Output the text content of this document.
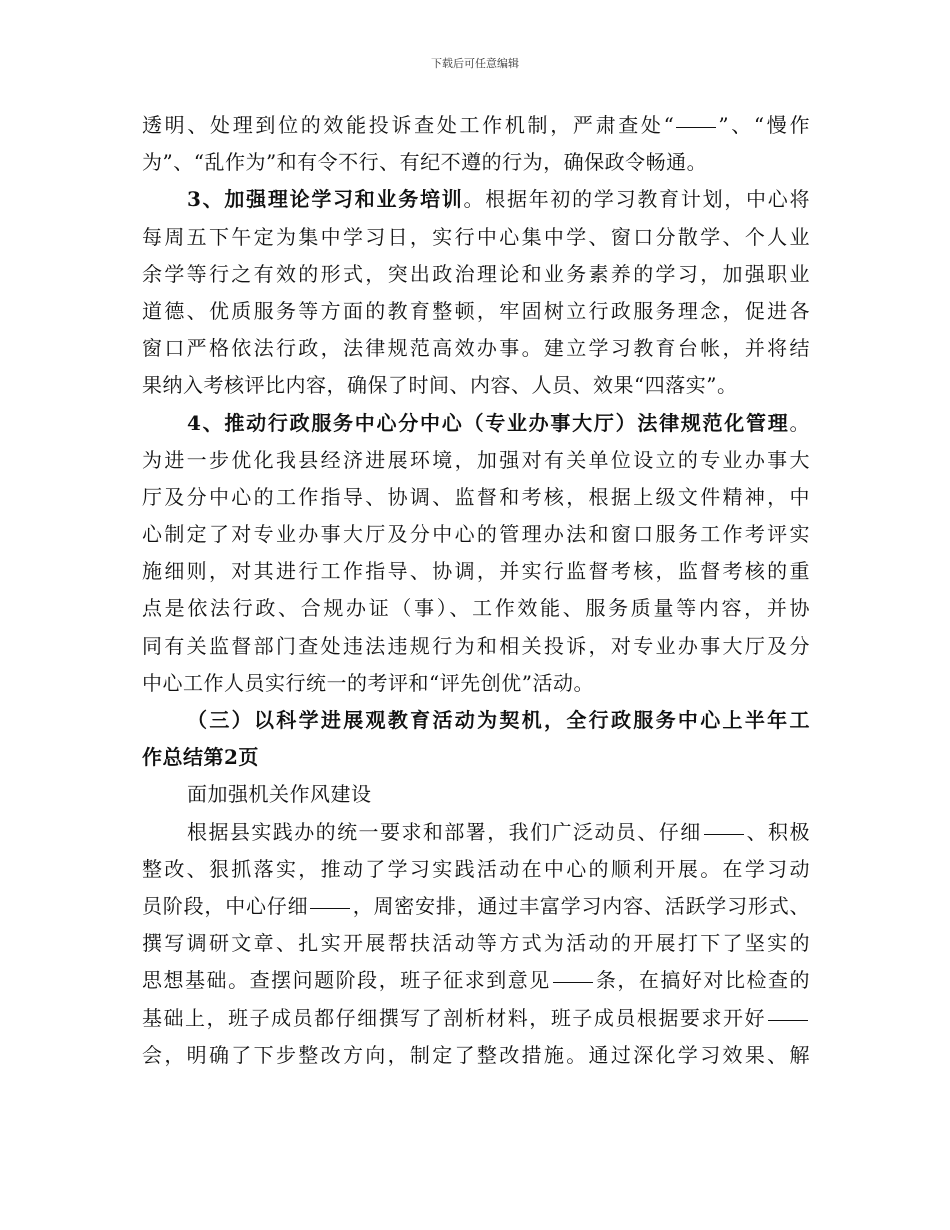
下载后可任意编辑
透明、处理到位的效能投诉查处工作机制，严肃查处“ ”、“慢作
为”、“乱作为”和有令不行、有纪不遵的行为，确保政令畅通。
3、加强理论学习和业务培训。根据年初的学习教育计划，中心将
每周五下午定为集中学习日，实行中心集中学、窗口分散学、个人业
余学等行之有效的形式，突出政治理论和业务素养的学习，加强职业
道德、优质服务等方面的教育整顿，牢固树立行政服务理念，促进各
窗口严格依法行政，法律规范高效办事。建立学习教育台帐，并将结
果纳入考核评比内容，确保了时间、内容、人员、效果“四落实”。
4、推动行政服务中心分中心（专业办事大厅）法律规范化管理。
为进一步优化我县经济进展环境，加强对有关单位设立的专业办事大
厅及分中心的工作指导、协调、监督和考核，根据上级文件精神，中
心制定了对专业办事大厅及分中心的管理办法和窗口服务工作考评实
施细则，对其进行工作指导、协调，并实行监督考核，监督考核的重
点是依法行政、合规办证（事）、工作效能、服务质量等内容，并协
同有关监督部门查处违法违规行为和相关投诉，对专业办事大厅及分
中心工作人员实行统一的考评和“评先创优”活动。
（三）以科学进展观教育活动为契机，全行政服务中心上半年工
作总结第2页
面加强机关作风建设
根据县实践办的统一要求和部署，我们广泛动员、仔细 、积极
整改、狠抓落实，推动了学习实践活动在中心的顺利开展。在学习动
员阶段，中心仔细 ，周密安排，通过丰富学习内容、活跃学习形式、
撰写调研文章、扎实开展帮扶活动等方式为活动的开展打下了坚实的
思想基础。查摆问题阶段，班子征求到意见 条，在搞好对比检查的
基础上，班子成员都仔细撰写了剖析材料，班子成员根据要求开好
会，明确了下步整改方向，制定了整改措施。通过深化学习效果、解
